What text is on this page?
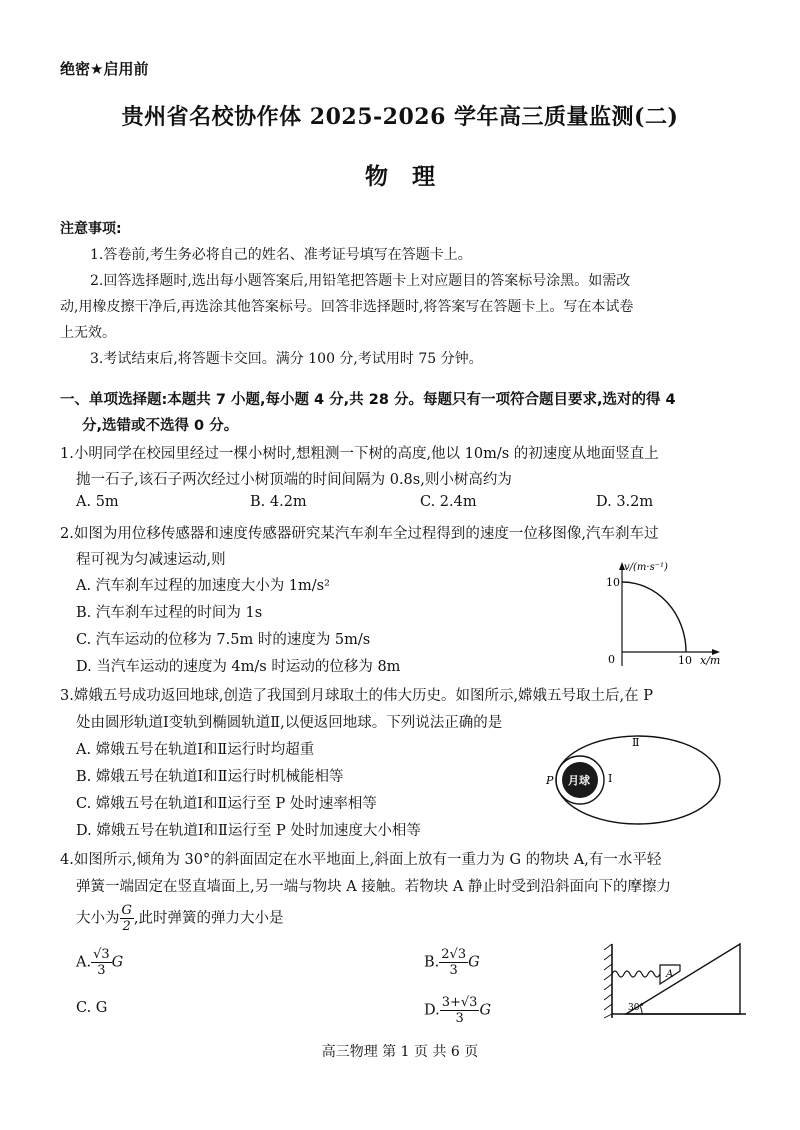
绝密★启用前
贵州省名校协作体 2025-2026 学年高三质量监测(二)
物理
注意事项:
1.答卷前,考生务必将自己的姓名、准考证号填写在答题卡上。
2.回答选择题时,选出每小题答案后,用铅笔把答题卡上对应题目的答案标号涂黑。如需改
动,用橡皮擦干净后,再选涂其他答案标号。回答非选择题时,将答案写在答题卡上。写在本试卷
上无效。
3.考试结束后,将答题卡交回。满分 100 分,考试用时 75 分钟。
一、单项选择题:本题共 7 小题,每小题 4 分,共 28 分。每题只有一项符合题目要求,选对的得 4
分,选错或不选得 0 分。
1.小明同学在校园里经过一棵小树时,想粗测一下树的高度,他以 10m/s 的初速度从地面竖直上
抛一石子,该石子两次经过小树顶端的时间间隔为 0.8s,则小树高约为
A. 5m	B. 4.2m	C. 2.4m	D. 3.2m
2.如图为用位移传感器和速度传感器研究某汽车刹车全过程得到的速度一位移图像,汽车刹车过
程可视为匀减速运动,则
A. 汽车刹车过程的加速度大小为 1m/s²
B. 汽车刹车过程的时间为 1s
C. 汽车运动的位移为 7.5m 时的速度为 5m/s
D. 当汽车运动的速度为 4m/s 时运动的位移为 8m
v/(m·s⁻¹)
10
0	10 x/m
3.嫦娥五号成功返回地球,创造了我国到月球取土的伟大历史。如图所示,嫦娥五号取土后,在 P
处由圆形轨道Ⅰ变轨到椭圆轨道Ⅱ,以便返回地球。下列说法正确的是
A. 嫦娥五号在轨道Ⅰ和Ⅱ运行时均超重
B. 嫦娥五号在轨道Ⅰ和Ⅱ运行时机械能相等
C. 嫦娥五号在轨道Ⅰ和Ⅱ运行至 P 处时速率相等
D. 嫦娥五号在轨道Ⅰ和Ⅱ运行至 P 处时加速度大小相等
月球
P	Ⅰ
Ⅱ
4.如图所示,倾角为 30°的斜面固定在水平地面上,斜面上放有一重力为 G 的物块 A,有一水平轻
弹簧一端固定在竖直墙面上,另一端与物块 A 接触。若物块 A 静止时受到沿斜面向下的摩擦力
大小为 $\frac{G}{2}$ ,此时弹簧的弹力大小是
A. $\frac{√3}{3}$ G	B. $\frac{2√3}{3}$ G
C. G	D. $\frac{3+√3}{3}$ G
A
30°
高三物理 第 1 页 共 6 页
